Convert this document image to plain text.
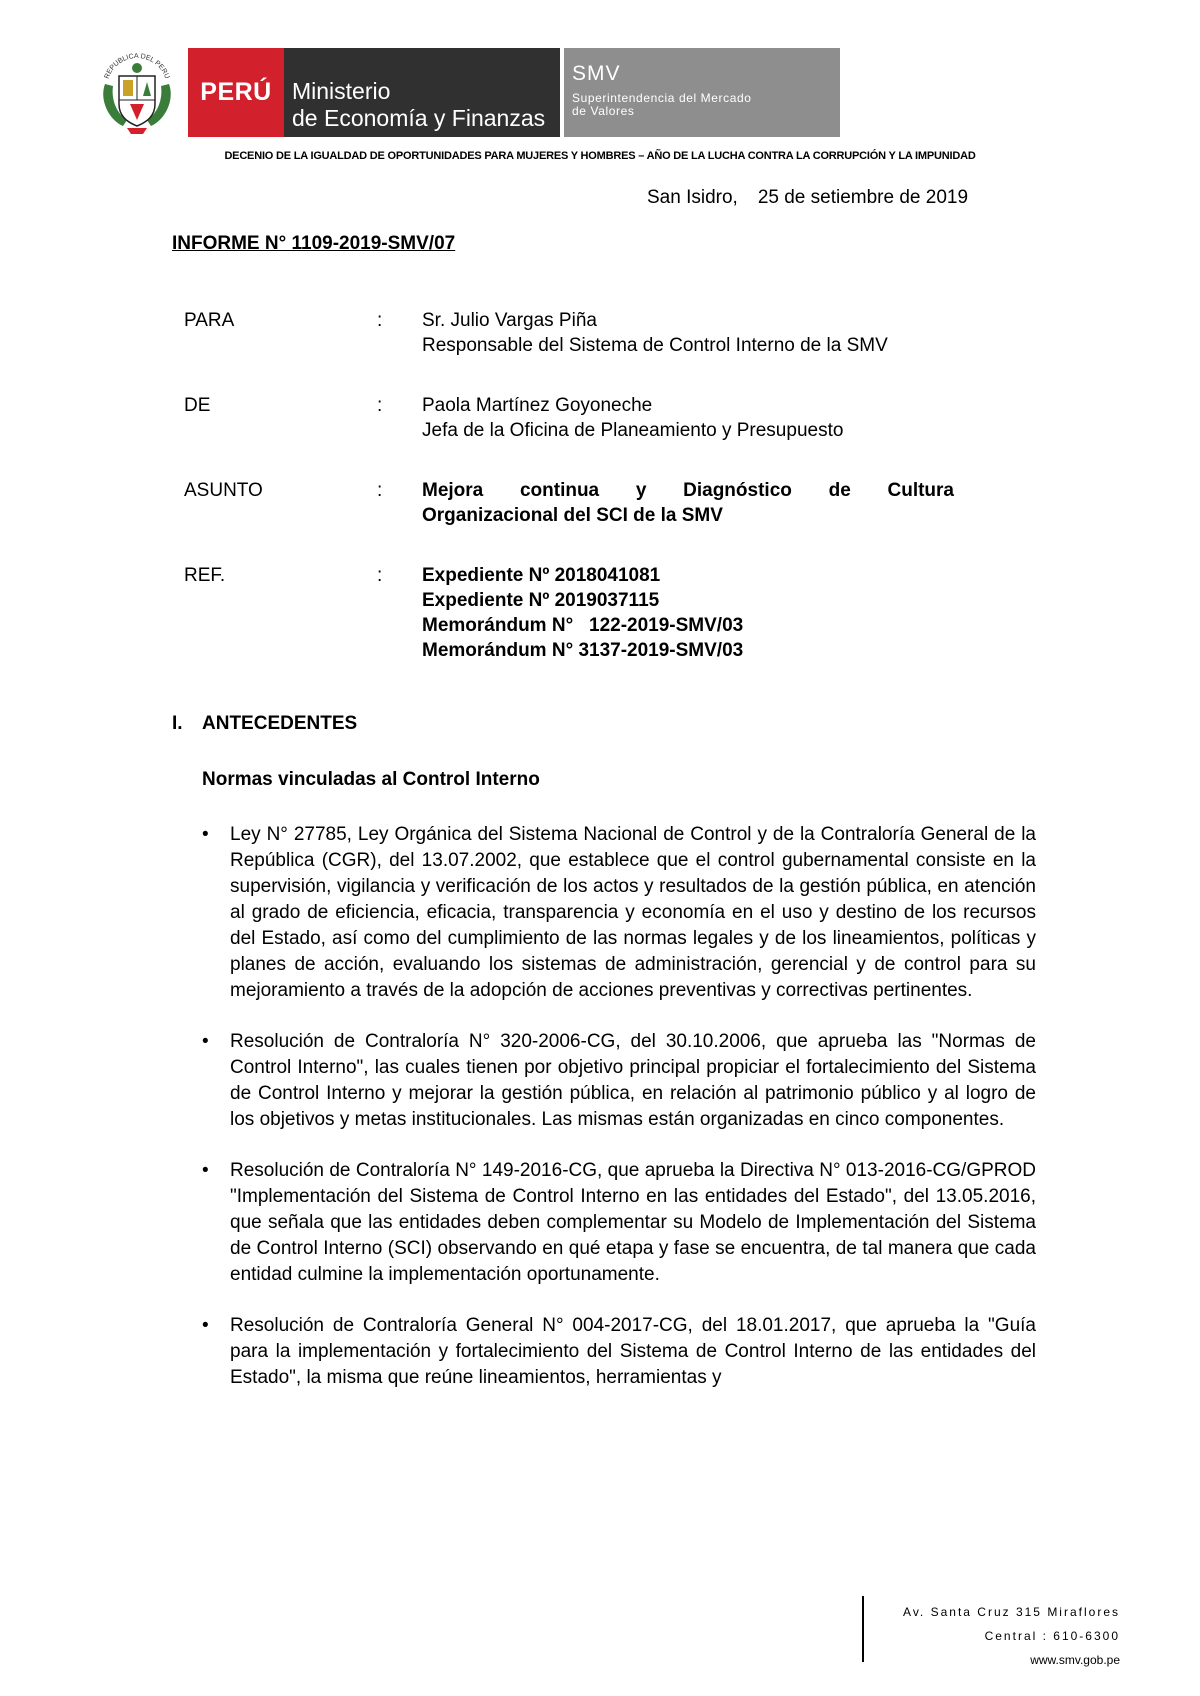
REPUBLICA DEL PERU
PERÚ Ministerio
de Economía y Finanzas
SMV
Superintendencia del Mercado
de Valores
DECENIO DE LA IGUALDAD DE OPORTUNIDADES PARA MUJERES Y HOMBRES – AÑO DE LA LUCHA CONTRA LA CORRUPCIÓN Y LA IMPUNIDAD
San Isidro, 25 de setiembre de 2019
INFORME N° 1109-2019-SMV/07
PARA	: Sr. Julio Vargas Piña
Responsable del Sistema de Control Interno de la SMV
DE	: Paola Martínez Goyoneche
Jefa de la Oficina de Planeamiento y Presupuesto
ASUNTO	: Mejora continua y Diagnóstico de Cultura
Organizacional del SCI de la SMV
REF.	: Expediente Nº 2018041081
Expediente Nº 2019037115
Memorándum N°   122-2019-SMV/03
Memorándum N° 3137-2019-SMV/03
I. ANTECEDENTES
Normas vinculadas al Control Interno
• Ley N° 27785, Ley Orgánica del Sistema Nacional de Control y de la Contraloría General de la República (CGR), del 13.07.2002, que establece que el control gubernamental consiste en la supervisión, vigilancia y verificación de los actos y resultados de la gestión pública, en atención al grado de eficiencia, eficacia, transparencia y economía en el uso y destino de los recursos del Estado, así como del cumplimiento de las normas legales y de los lineamientos, políticas y planes de acción, evaluando los sistemas de administración, gerencial y de control para su mejoramiento a través de la adopción de acciones preventivas y correctivas pertinentes.
• Resolución de Contraloría N° 320-2006-CG, del 30.10.2006, que aprueba las "Normas de Control Interno", las cuales tienen por objetivo principal propiciar el fortalecimiento del Sistema de Control Interno y mejorar la gestión pública, en relación al patrimonio público y al logro de los objetivos y metas institucionales. Las mismas están organizadas en cinco componentes.
• Resolución de Contraloría N° 149-2016-CG, que aprueba la Directiva N° 013-2016-CG/GPROD "Implementación del Sistema de Control Interno en las entidades del Estado", del 13.05.2016, que señala que las entidades deben complementar su Modelo de Implementación del Sistema de Control Interno (SCI) observando en qué etapa y fase se encuentra, de tal manera que cada entidad culmine la implementación oportunamente.
• Resolución de Contraloría General N° 004-2017-CG, del 18.01.2017, que aprueba la "Guía para la implementación y fortalecimiento del Sistema de Control Interno de las entidades del Estado", la misma que reúne lineamientos, herramientas y
Av. Santa Cruz 315 Miraflores
Central : 610-6300
www.smv.gob.pe
